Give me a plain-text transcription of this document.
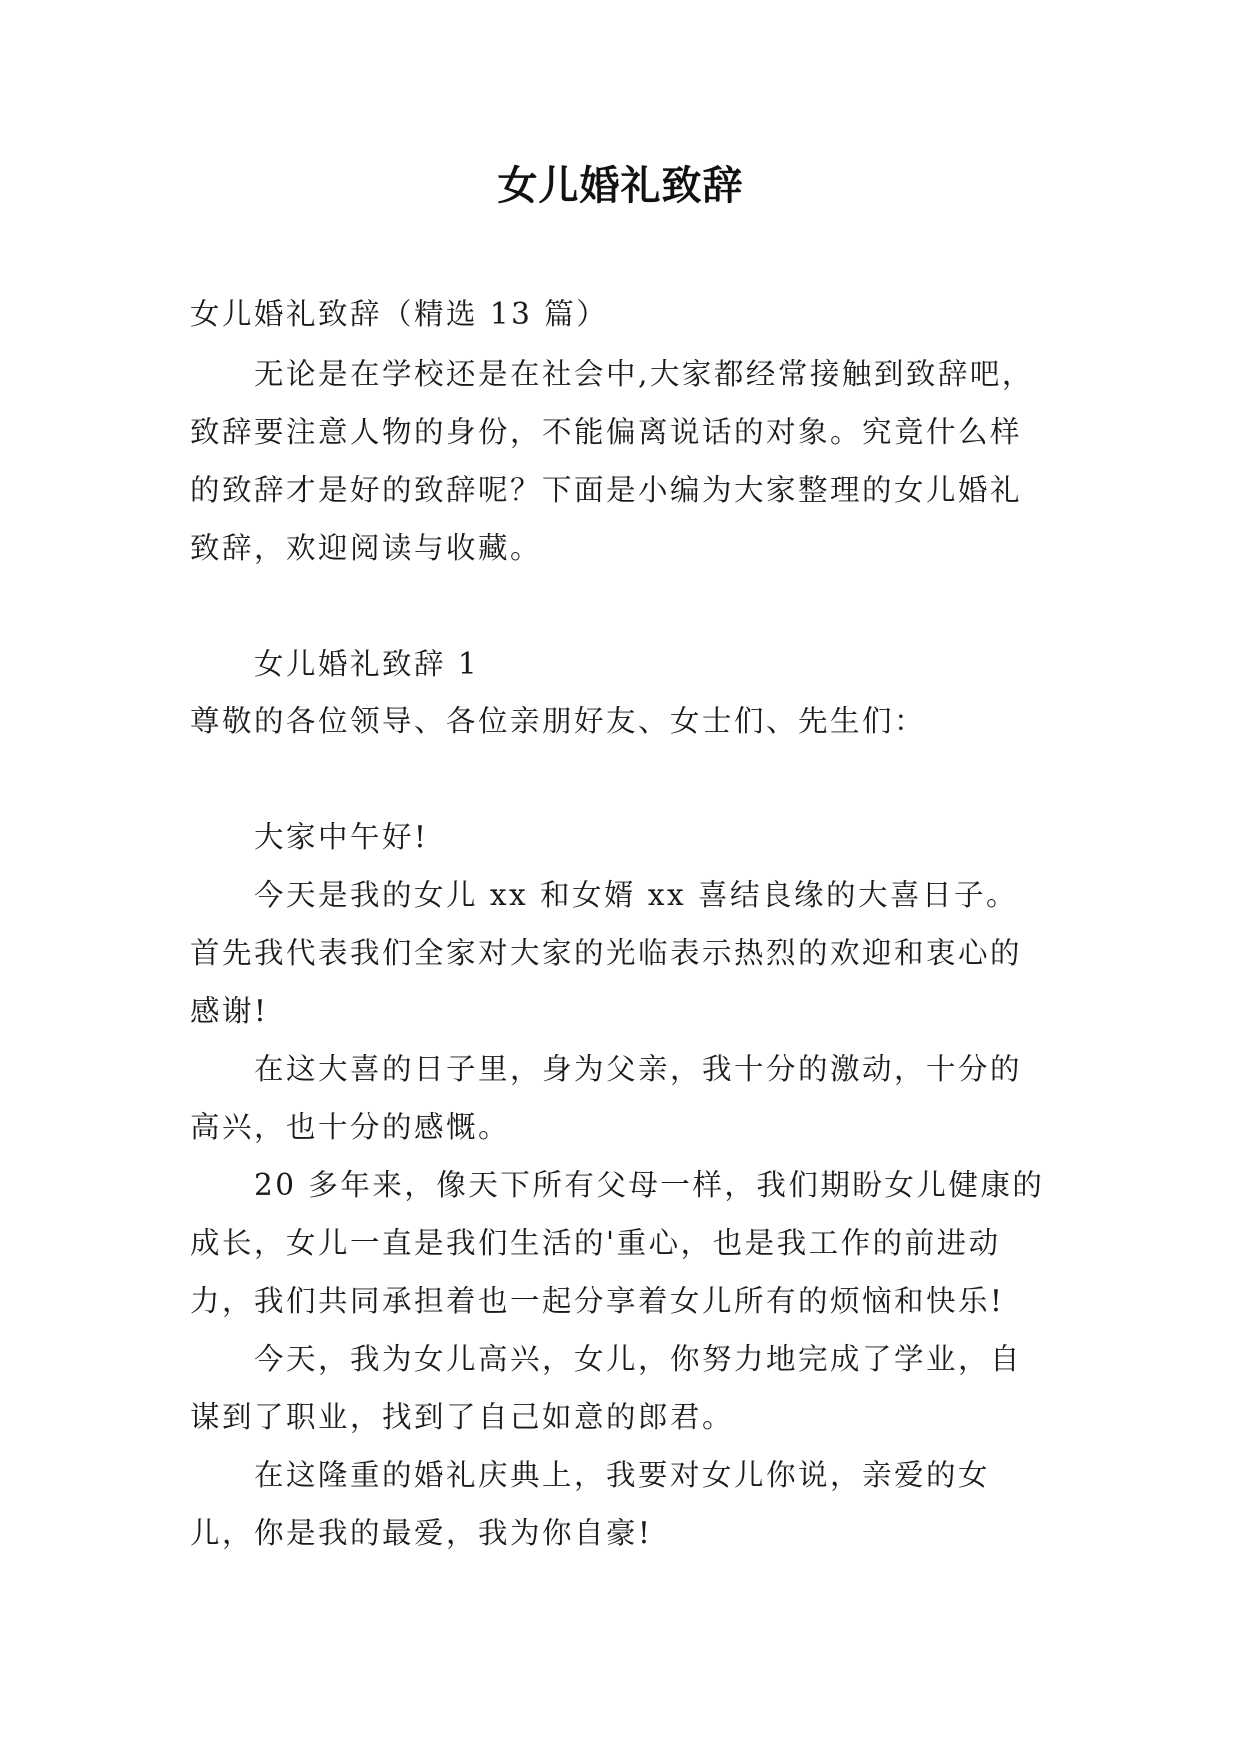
女儿婚礼致辞
女儿婚礼致辞（精选 13 篇）
无论是在学校还是在社会中,大家都经常接触到致辞吧，致辞要注意人物的身份，不能偏离说话的对象。究竟什么样的致辞才是好的致辞呢？下面是小编为大家整理的女儿婚礼致辞，欢迎阅读与收藏。
女儿婚礼致辞 1
尊敬的各位领导、各位亲朋好友、女士们、先生们：
大家中午好!
今天是我的女儿 xx 和女婿 xx 喜结良缘的大喜日子。首先我代表我们全家对大家的光临表示热烈的欢迎和衷心的感谢!
在这大喜的日子里，身为父亲，我十分的激动，十分的高兴，也十分的感慨。
20 多年来，像天下所有父母一样，我们期盼女儿健康的成长，女儿一直是我们生活的'重心，也是我工作的前进动力，我们共同承担着也一起分享着女儿所有的烦恼和快乐!
今天，我为女儿高兴，女儿，你努力地完成了学业，自谋到了职业，找到了自己如意的郎君。
在这隆重的婚礼庆典上，我要对女儿你说，亲爱的女儿，你是我的最爱，我为你自豪!
